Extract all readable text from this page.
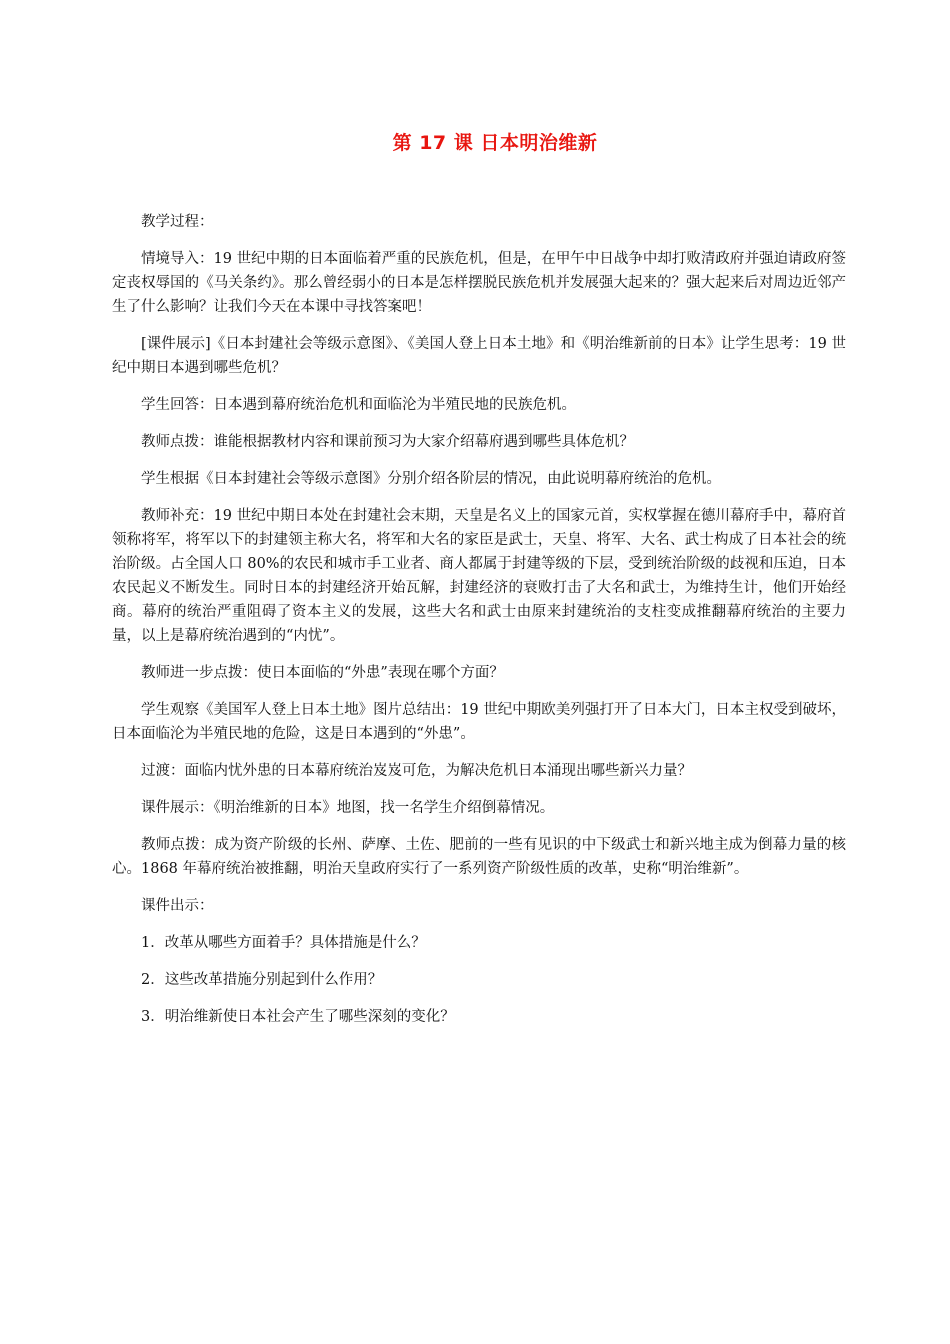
第 17 课 日本明治维新

教学过程：

情境导入：19 世纪中期的日本面临着严重的民族危机，但是，在甲午中日战争中却打败清政府并强迫请政府签定丧权辱国的《马关条约》。那么曾经弱小的日本是怎样摆脱民族危机并发展强大起来的？强大起来后对周边近邻产生了什么影响？让我们今天在本课中寻找答案吧！

[课件展示]《日本封建社会等级示意图》、《美国人登上日本土地》和《明治维新前的日本》让学生思考：19 世纪中期日本遇到哪些危机？

学生回答：日本遇到幕府统治危机和面临沦为半殖民地的民族危机。

教师点拨：谁能根据教材内容和课前预习为大家介绍幕府遇到哪些具体危机？

学生根据《日本封建社会等级示意图》分别介绍各阶层的情况，由此说明幕府统治的危机。

教师补充：19 世纪中期日本处在封建社会末期，天皇是名义上的国家元首，实权掌握在德川幕府手中，幕府首领称将军，将军以下的封建领主称大名，将军和大名的家臣是武士，天皇、将军、大名、武士构成了日本社会的统治阶级。占全国人口 80%的农民和城市手工业者、商人都属于封建等级的下层，受到统治阶级的歧视和压迫，日本农民起义不断发生。同时日本的封建经济开始瓦解，封建经济的衰败打击了大名和武士，为维持生计，他们开始经商。幕府的统治严重阻碍了资本主义的发展，这些大名和武士由原来封建统治的支柱变成推翻幕府统治的主要力量，以上是幕府统治遇到的“内忧”。

教师进一步点拨：使日本面临的“外患”表现在哪个方面？

学生观察《美国军人登上日本土地》图片总结出：19 世纪中期欧美列强打开了日本大门，日本主权受到破坏，日本面临沦为半殖民地的危险，这是日本遇到的“外患”。

过渡：面临内忧外患的日本幕府统治岌岌可危，为解决危机日本涌现出哪些新兴力量？

课件展示：《明治维新的日本》地图，找一名学生介绍倒幕情况。

教师点拨：成为资产阶级的长州、萨摩、土佐、肥前的一些有见识的中下级武士和新兴地主成为倒幕力量的核心。1868 年幕府统治被推翻，明治天皇政府实行了一系列资产阶级性质的改革，史称“明治维新”。

课件出示：

1．改革从哪些方面着手？具体措施是什么？

2．这些改革措施分别起到什么作用？

3．明治维新使日本社会产生了哪些深刻的变化？
